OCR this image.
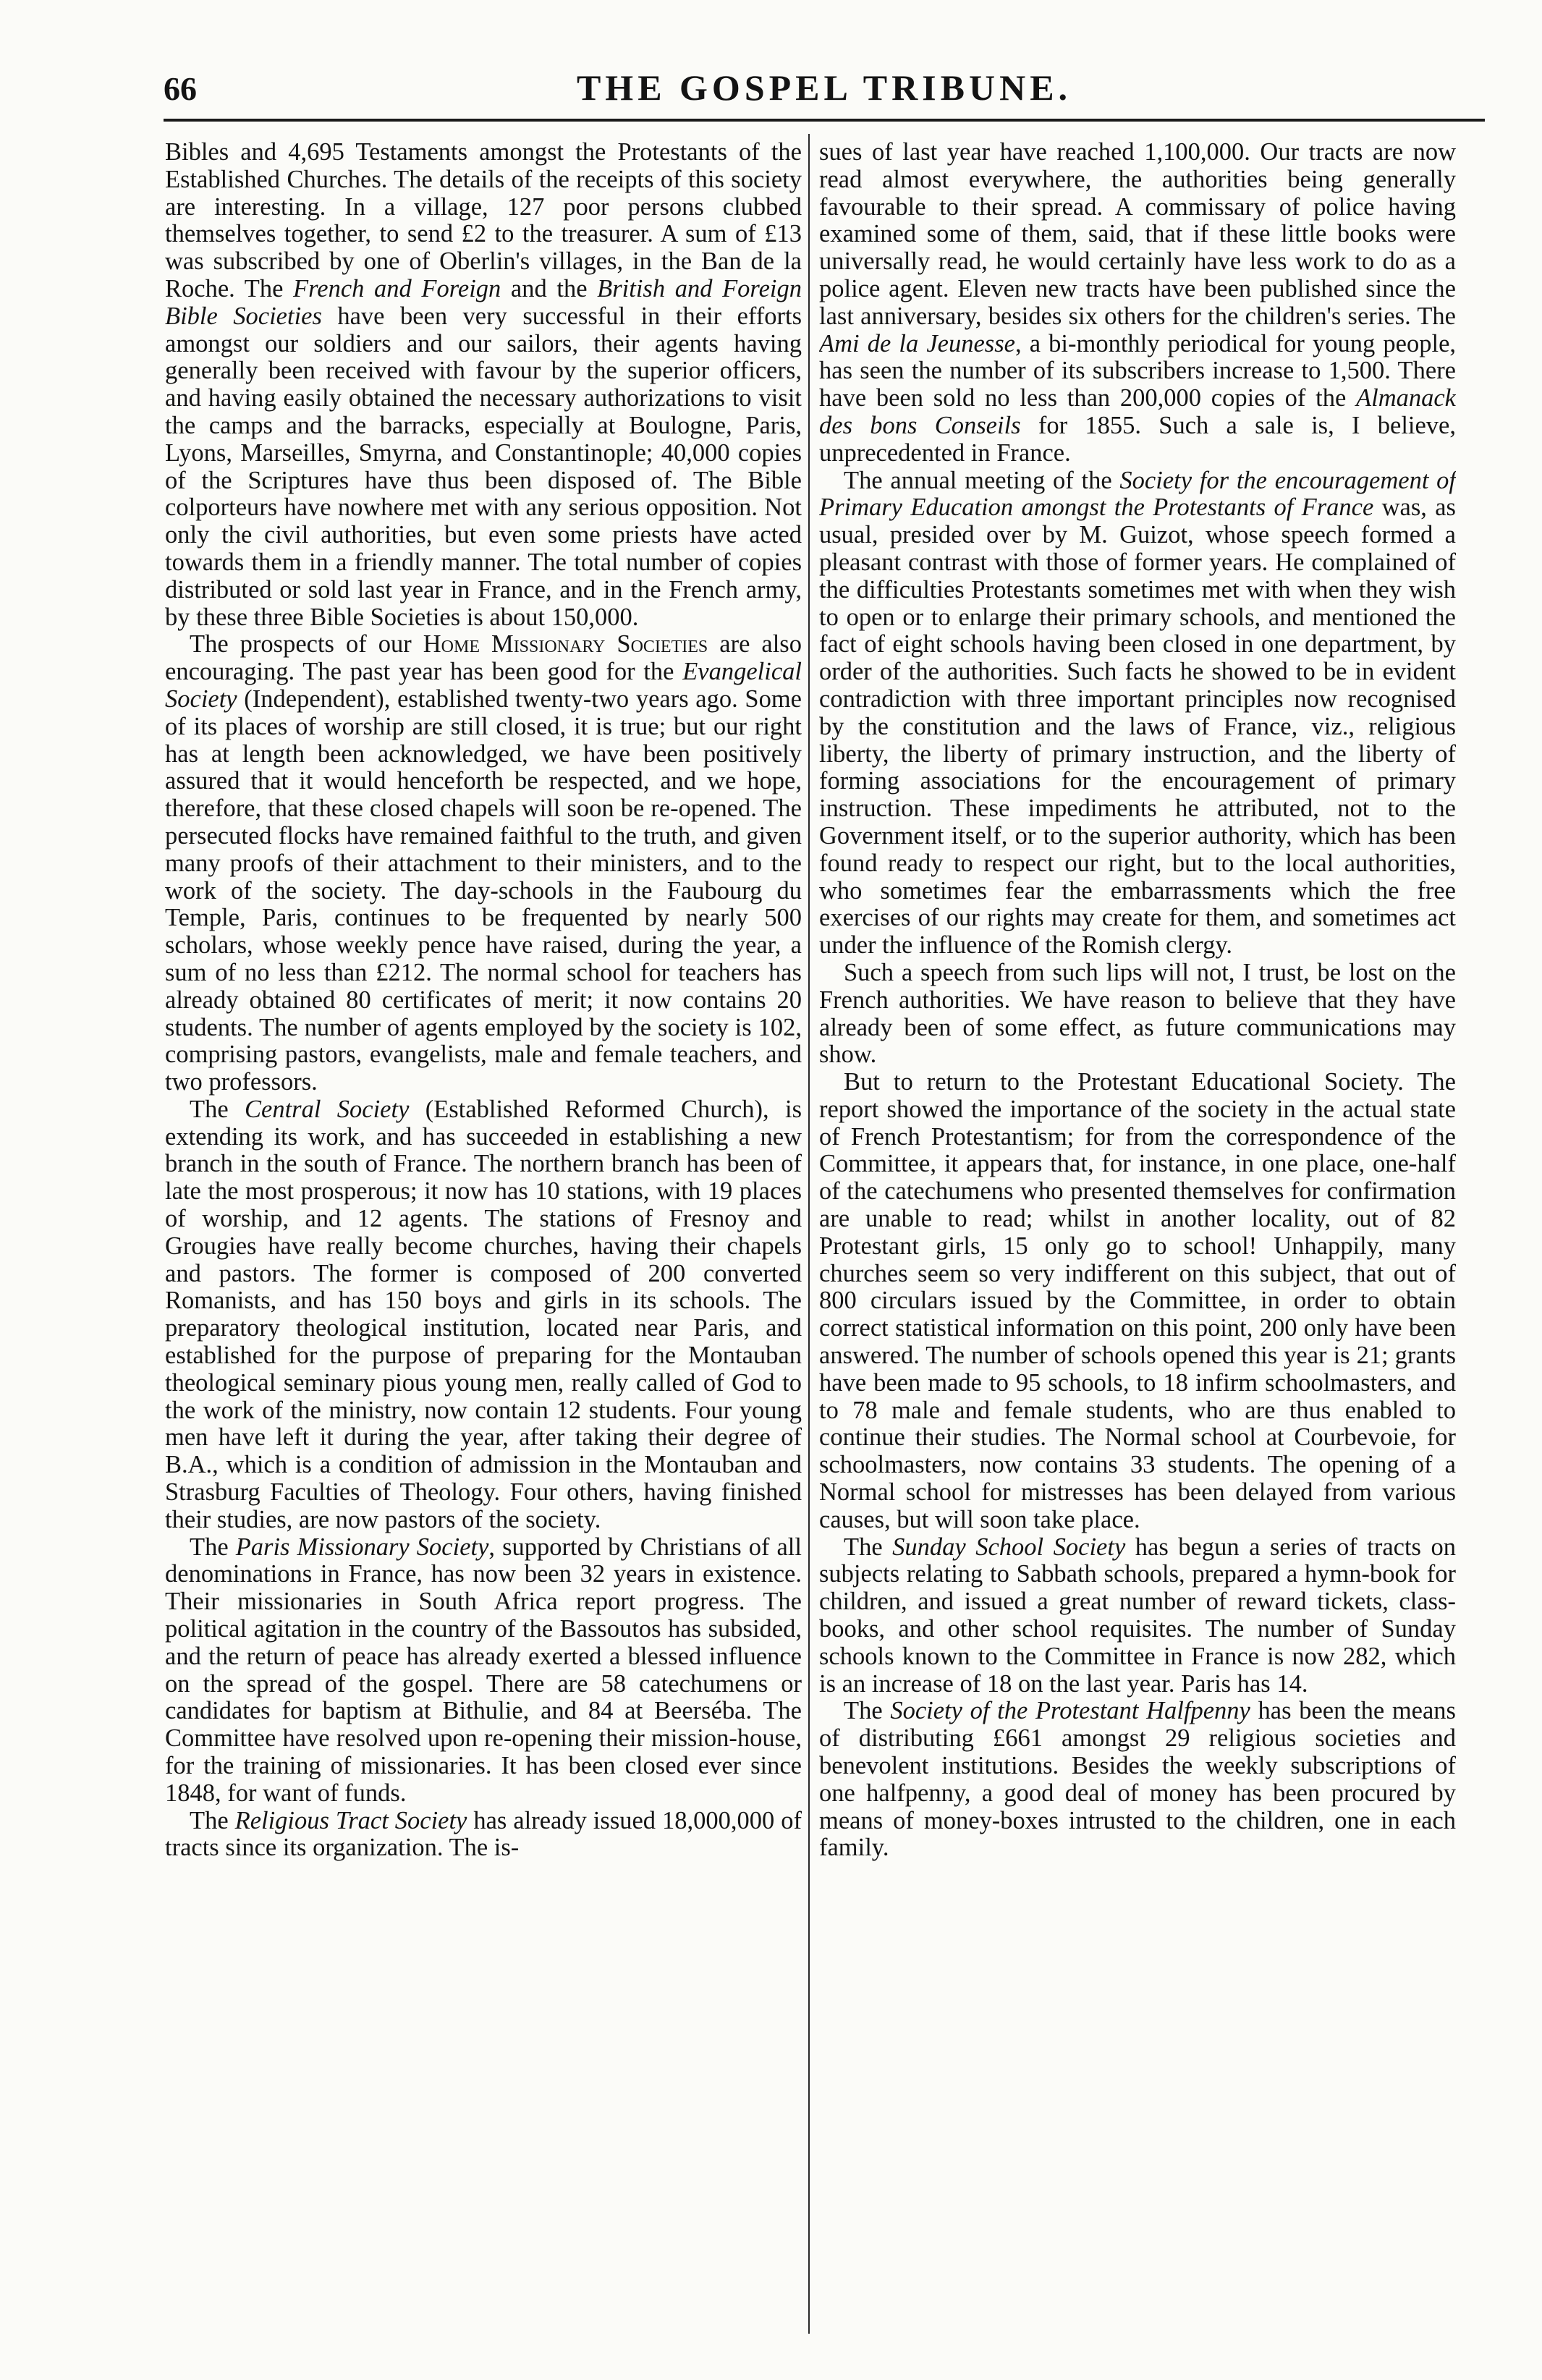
66	THE GOSPEL TRIBUNE.

Bibles and 4,695 Testaments amongst the Protestants of the Established Churches. The details of the receipts of this society are interesting. In a village, 127 poor persons clubbed themselves together, to send £2 to the treasurer. A sum of £13 was subscribed by one of Oberlin's villages, in the Ban de la Roche. The French and Foreign and the British and Foreign Bible Societies have been very successful in their efforts amongst our soldiers and our sailors, their agents having generally been received with favour by the superior officers, and having easily obtained the necessary authorizations to visit the camps and the barracks, especially at Boulogne, Paris, Lyons, Marseilles, Smyrna, and Constantinople; 40,000 copies of the Scriptures have thus been disposed of. The Bible colporteurs have nowhere met with any serious opposition. Not only the civil authorities, but even some priests have acted towards them in a friendly manner. The total number of copies distributed or sold last year in France, and in the French army, by these three Bible Societies is about 150,000.

The prospects of our Home Missionary Societies are also encouraging. The past year has been good for the Evangelical Society (Independent), established twenty-two years ago. Some of its places of worship are still closed, it is true; but our right has at length been acknowledged, we have been positively assured that it would henceforth be respected, and we hope, therefore, that these closed chapels will soon be re-opened. The persecuted flocks have remained faithful to the truth, and given many proofs of their attachment to their ministers, and to the work of the society. The day-schools in the Faubourg du Temple, Paris, continues to be frequented by nearly 500 scholars, whose weekly pence have raised, during the year, a sum of no less than £212. The normal school for teachers has already obtained 80 certificates of merit; it now contains 20 students. The number of agents employed by the society is 102, comprising pastors, evangelists, male and female teachers, and two professors.

The Central Society (Established Reformed Church), is extending its work, and has succeeded in establishing a new branch in the south of France. The northern branch has been of late the most prosperous; it now has 10 stations, with 19 places of worship, and 12 agents. The stations of Fresnoy and Grougies have really become churches, having their chapels and pastors. The former is composed of 200 converted Romanists, and has 150 boys and girls in its schools. The preparatory theological institution, located near Paris, and established for the purpose of preparing for the Montauban theological seminary pious young men, really called of God to the work of the ministry, now contain 12 students. Four young men have left it during the year, after taking their degree of B.A., which is a condition of admission in the Montauban and Strasburg Faculties of Theology. Four others, having finished their studies, are now pastors of the society.

The Paris Missionary Society, supported by Christians of all denominations in France, has now been 32 years in existence. Their missionaries in South Africa report progress. The political agitation in the country of the Bassoutos has subsided, and the return of peace has already exerted a blessed influence on the spread of the gospel. There are 58 catechumens or candidates for baptism at Bithulie, and 84 at Beerséba. The Committee have resolved upon re-opening their mission-house, for the training of missionaries. It has been closed ever since 1848, for want of funds.

The Religious Tract Society has already issued 18,000,000 of tracts since its organization. The is-

sues of last year have reached 1,100,000. Our tracts are now read almost everywhere, the authorities being generally favourable to their spread. A commissary of police having examined some of them, said, that if these little books were universally read, he would certainly have less work to do as a police agent. Eleven new tracts have been published since the last anniversary, besides six others for the children's series. The Ami de la Jeunesse, a bi-monthly periodical for young people, has seen the number of its subscribers increase to 1,500. There have been sold no less than 200,000 copies of the Almanack des bons Conseils for 1855. Such a sale is, I believe, unprecedented in France.

The annual meeting of the Society for the encouragement of Primary Education amongst the Protestants of France was, as usual, presided over by M. Guizot, whose speech formed a pleasant contrast with those of former years. He complained of the difficulties Protestants sometimes met with when they wish to open or to enlarge their primary schools, and mentioned the fact of eight schools having been closed in one department, by order of the authorities. Such facts he showed to be in evident contradiction with three important principles now recognised by the constitution and the laws of France, viz., religious liberty, the liberty of primary instruction, and the liberty of forming associations for the encouragement of primary instruction. These impediments he attributed, not to the Government itself, or to the superior authority, which has been found ready to respect our right, but to the local authorities, who sometimes fear the embarrassments which the free exercises of our rights may create for them, and sometimes act under the influence of the Romish clergy.

Such a speech from such lips will not, I trust, be lost on the French authorities. We have reason to believe that they have already been of some effect, as future communications may show.

But to return to the Protestant Educational Society. The report showed the importance of the society in the actual state of French Protestantism; for from the correspondence of the Committee, it appears that, for instance, in one place, one-half of the catechumens who presented themselves for confirmation are unable to read; whilst in another locality, out of 82 Protestant girls, 15 only go to school! Unhappily, many churches seem so very indifferent on this subject, that out of 800 circulars issued by the Committee, in order to obtain correct statistical information on this point, 200 only have been answered. The number of schools opened this year is 21; grants have been made to 95 schools, to 18 infirm schoolmasters, and to 78 male and female students, who are thus enabled to continue their studies. The Normal school at Courbevoie, for schoolmasters, now contains 33 students. The opening of a Normal school for mistresses has been delayed from various causes, but will soon take place.

The Sunday School Society has begun a series of tracts on subjects relating to Sabbath schools, prepared a hymn-book for children, and issued a great number of reward tickets, class-books, and other school requisites. The number of Sunday schools known to the Committee in France is now 282, which is an increase of 18 on the last year. Paris has 14.

The Society of the Protestant Halfpenny has been the means of distributing £661 amongst 29 religious societies and benevolent institutions. Besides the weekly subscriptions of one halfpenny, a good deal of money has been procured by means of money-boxes intrusted to the children, one in each family.
